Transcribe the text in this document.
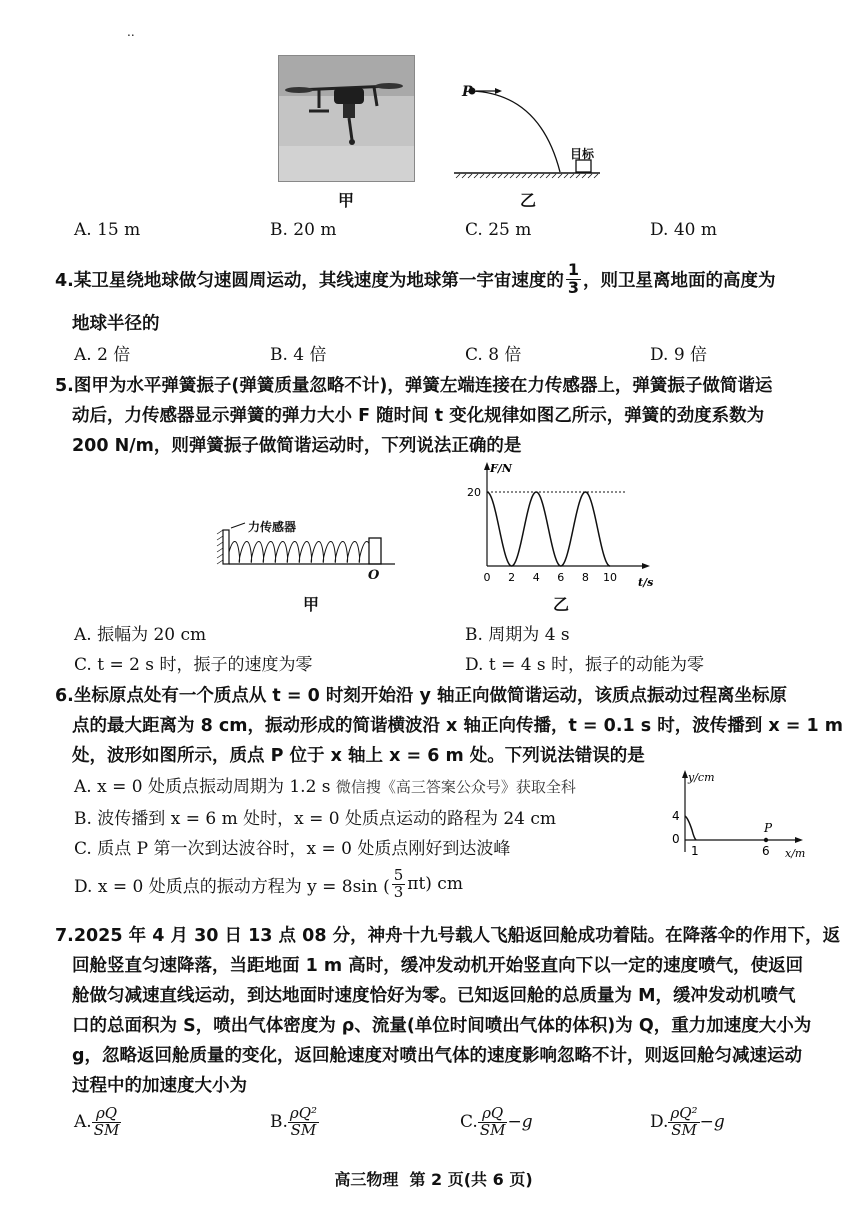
..
甲
P
目标
乙
A. 15 m	B. 20 m	C. 25 m	D. 40 m
4.某卫星绕地球做匀速圆周运动，其线速度为地球第一宇宙速度的 $\frac{1}{3}$ ，则卫星离地面的高度为
地球半径的
A. 2 倍	B. 4 倍	C. 8 倍	D. 9 倍
5.图甲为水平弹簧振子(弹簧质量忽略不计)，弹簧左端连接在力传感器上，弹簧振子做简谐运
动后，力传感器显示弹簧的弹力大小 F 随时间 t 变化规律如图乙所示，弹簧的劲度系数为
200 N/m，则弹簧振子做简谐运动时，下列说法正确的是
力传感器
O
甲
0 2 4 6 8 10
20
F/N
t/s
乙
A. 振幅为 20 cm	B. 周期为 4 s
C. t = 2 s 时，振子的速度为零	D. t = 4 s 时，振子的动能为零
6.坐标原点处有一个质点从 t = 0 时刻开始沿 y 轴正向做简谐运动，该质点振动过程离坐标原
点的最大距离为 8 cm，振动形成的简谐横波沿 x 轴正向传播，t = 0.1 s 时，波传播到 x = 1 m
处，波形如图所示，质点 P 位于 x 轴上 x = 6 m 处。下列说法错误的是
A. x = 0 处质点振动周期为 1.2 s 微信搜《高三答案公众号》获取全科
B. 波传播到 x = 6 m 处时，x = 0 处质点运动的路程为 24 cm
C. 质点 P 第一次到达波谷时，x = 0 处质点刚好到达波峰
D. x = 0 处质点的振动方程为 y = 8sin ( $\frac{5}{3} \pi t$) cm
y/cm
x/m
4
0
1	6
P
7.2025 年 4 月 30 日 13 点 08 分，神舟十九号载人飞船返回舱成功着陆。在降落伞的作用下，返
回舱竖直匀速降落，当距地面 1 m 高时，缓冲发动机开始竖直向下以一定的速度喷气，使返回
舱做匀减速直线运动，到达地面时速度恰好为零。已知返回舱的总质量为 M，缓冲发动机喷气
口的总面积为 S，喷出气体密度为 ρ、流量(单位时间喷出气体的体积)为 Q，重力加速度大小为
g，忽略返回舱质量的变化，返回舱速度对喷出气体的速度影响忽略不计，则返回舱匀减速运动
过程中的加速度大小为
A. $\frac{\rho Q}{SM}$	B. $\frac{\text{ρQ²}}{SM}$	C. $\frac{\rho Q}{SM} -g$	D. $\frac{\text{ρQ²}}{SM} -g$
高三物理  第 2 页(共 6 页)
